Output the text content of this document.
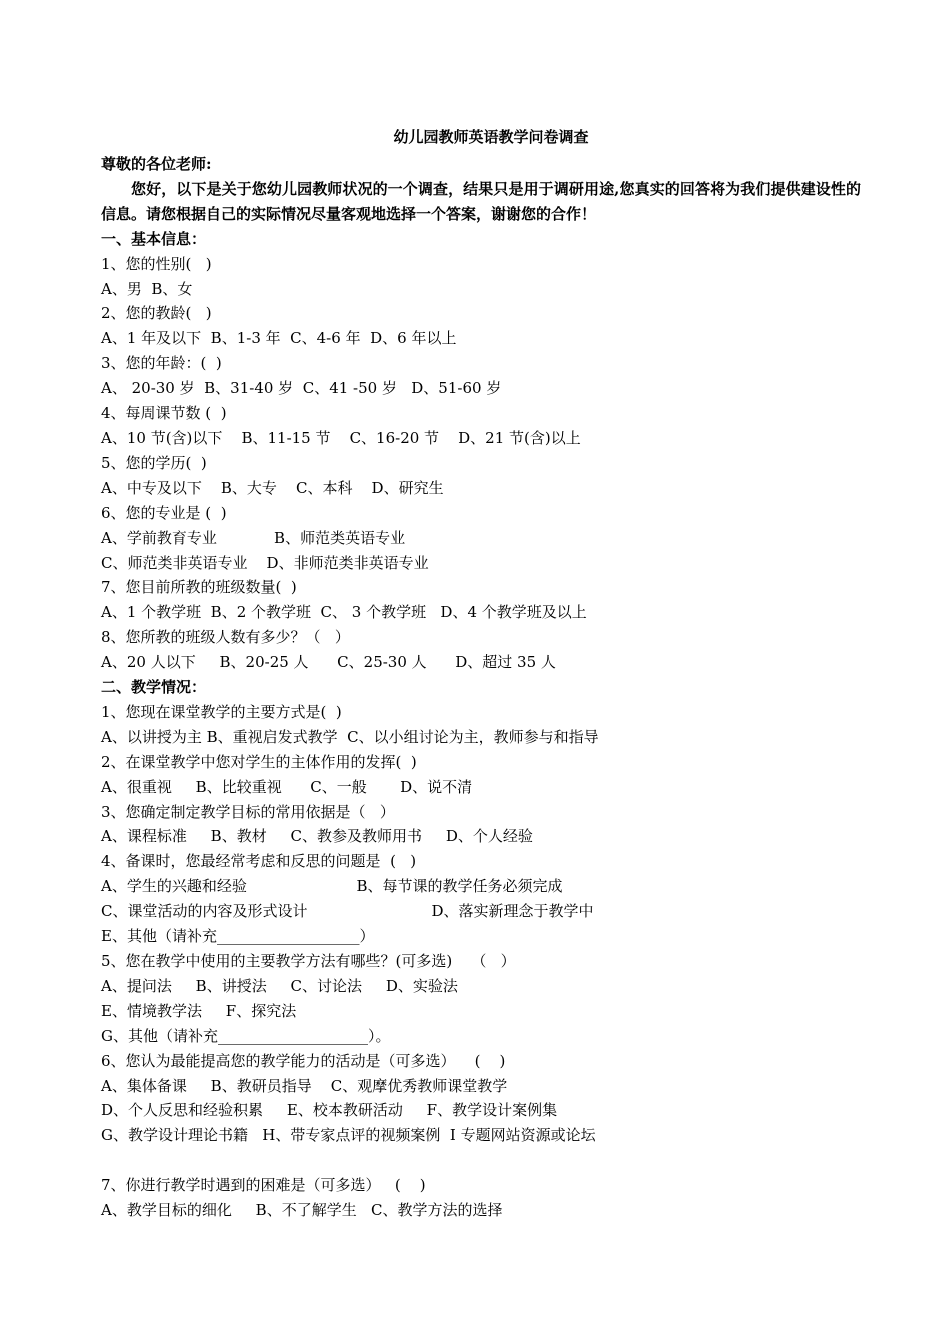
幼儿园教师英语教学问卷调查
尊敬的各位老师:
您好，以下是关于您幼儿园教师状况的一个调查，结果只是用于调研用途,您真实的回答将为我们提供建设性的信息。请您根据自己的实际情况尽量客观地选择一个答案，谢谢您的合作！
一、基本信息：
1、您的性别(   )
A、男  B、女
2、您的教龄(   )
A、1 年及以下  B、1-3 年  C、4-6 年  D、6 年以上
3、您的年龄：(  )
A、 20-30 岁  B、31-40 岁  C、41 -50 岁   D、51-60 岁
4、每周课节数 (  )
A、10 节(含)以下    B、11-15 节    C、16-20 节    D、21 节(含)以上
5、您的学历(  )
A、中专及以下    B、大专    C、本科    D、研究生
6、您的专业是 (  )
A、学前教育专业            B、师范类英语专业
C、师范类非英语专业    D、非师范类非英语专业
7、您目前所教的班级数量(  )
A、1 个教学班  B、2 个教学班  C、 3 个教学班   D、4 个教学班及以上
8、您所教的班级人数有多少？（   ）
A、20 人以下     B、20-25 人      C、25-30 人      D、超过 35 人
二、教学情况：
1、您现在课堂教学的主要方式是(  )
A、以讲授为主 B、重视启发式教学  C、以小组讨论为主，教师参与和指导
2、在课堂教学中您对学生的主体作用的发挥(  )
A、很重视     B、比较重视      C、一般       D、说不清
3、您确定制定教学目标的常用依据是（   ）
A、课程标准     B、教材     C、教参及教师用书     D、个人经验
4、备课时，您最经常考虑和反思的问题是  (   )
A、学生的兴趣和经验                       B、每节课的教学任务必须完成
C、课堂活动的内容及形式设计                          D、落实新理念于教学中
E、其他（请补充___________________）
5、您在教学中使用的主要教学方法有哪些？(可多选)    （   ）
A、提问法     B、讲授法     C、讨论法     D、实验法
E、情境教学法     F、探究法
G、其他（请补充____________________）。
6、您认为最能提高您的教学能力的活动是（可多选）    (    )
A、集体备课     B、教研员指导    C、观摩优秀教师课堂教学
D、个人反思和经验积累     E、校本教研活动     F、教学设计案例集
G、教学设计理论书籍   H、带专家点评的视频案例  I 专题网站资源或论坛
7、你进行教学时遇到的困难是（可多选）   (    )
A、教学目标的细化     B、不了解学生   C、教学方法的选择
